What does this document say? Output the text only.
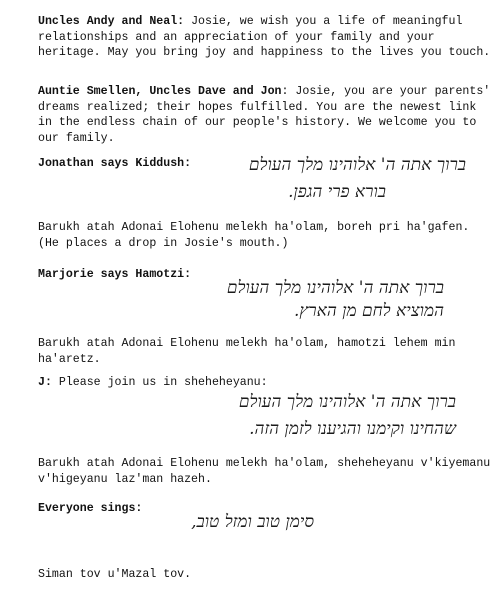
Uncles Andy and Neal: Josie, we wish you a life of meaningful relationships and an appreciation of your family and your heritage. May you bring joy and happiness to the lives you touch.
Auntie Smellen, Uncles Dave and Jon: Josie, you are your parents' dreams realized; their hopes fulfilled. You are the newest link in the endless chain of our people's history. We welcome you to our family.
Jonathan says Kiddush:	ברוך אתה ה' אלוהינו מלך העולם
בורא פרי הגפן.
Barukh atah Adonai Elohenu melekh ha'olam, boreh pri ha'gafen. (He places a drop in Josie's mouth.)
Marjorie says Hamotzi:
ברוך אתה ה' אלוהינו מלך העולם
המוציא לחם מן הארץ.
Barukh atah Adonai Elohenu melekh ha'olam, hamotzi lehem min ha'aretz.
J: Please join us in sheheheyanu:
ברוך אתה ה' אלוהינו מלך העולם
שהחינו וקימנו והגיענו לזמן הזה.
Barukh atah Adonai Elohenu melekh ha'olam, sheheheyanu v'kiyemanu v'higeyanu laz'man hazeh.
Everyone sings:
סימן טוב ומזל טוב,
Siman tov u'Mazal tov.
